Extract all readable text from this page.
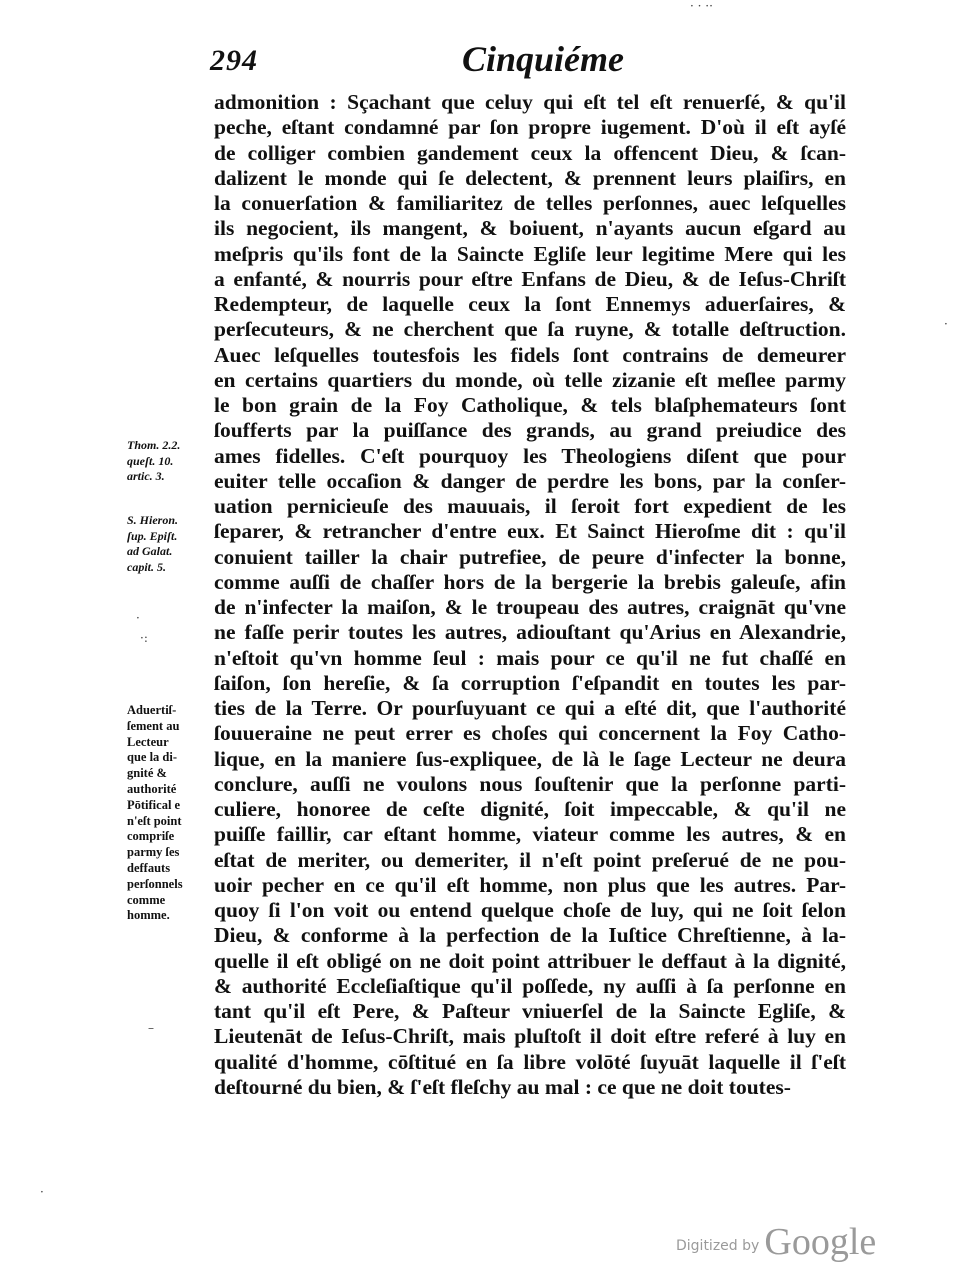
294	Cinquiéme
admonition : Sçachant que celuy qui eſt tel eſt renuerſé, & qu'il
peche, eſtant condamné par ſon propre iugement. D'où il eſt ayſé
de colliger combien gandement ceux la offencent Dieu, & ſcan-
dalizent le monde qui ſe delectent, & prennent leurs plaiſirs, en
la conuerſation & familiaritez de telles perſonnes, auec leſquelles
ils negocient, ils mangent, & boiuent, n'ayants aucun eſgard au
meſpris qu'ils font de la Saincte Egliſe leur legitime Mere qui les
a enfanté, & nourris pour eſtre Enfans de Dieu, & de Ieſus-Chriſt
Redempteur, de laquelle ceux la ſont Ennemys aduerſaires, &
perſecuteurs, & ne cherchent que ſa ruyne, & totalle deſtruction.
Auec leſquelles toutesfois les fidels ſont contrains de demeurer
en certains quartiers du monde, où telle zizanie eſt meſlee parmy
le bon grain de la Foy Catholique, & tels blaſphemateurs ſont
ſoufferts par la puiſſance des grands, au grand preiudice des
ames fidelles. C'eſt pourquoy les Theologiens diſent que pour
euiter telle occaſion & danger de perdre les bons, par la conſer-
uation pernicieuſe des mauuais, il ſeroit fort expedient de les
ſeparer, & retrancher d'entre eux. Et Sainct Hieroſme dit : qu'il
conuient tailler la chair putrefiee, de peure d'infecter la bonne,
comme auſſi de chaſſer hors de la bergerie la brebis galeuſe, afin
de n'infecter la maiſon, & le troupeau des autres, craignāt qu'vne
ne faſſe perir toutes les autres, adiouſtant qu'Arius en Alexandrie,
n'eſtoit qu'vn homme ſeul : mais pour ce qu'il ne fut chaſſé en
ſaiſon, ſon hereſie, & ſa corruption ſ'eſpandit en toutes les par-
ties de la Terre. Or pourſuyuant ce qui a eſté dit, que l'authorité
ſouueraine ne peut errer es choſes qui concernent la Foy Catho-
lique, en la maniere ſus-expliquee, de là le ſage Lecteur ne deura
conclure, auſſi ne voulons nous ſouſtenir que la perſonne parti-
culiere, honoree de ceſte dignité, ſoit impeccable, & qu'il ne
puiſſe faillir, car eſtant homme, viateur comme les autres, & en
eſtat de meriter, ou demeriter, il n'eſt point preſerué de ne pou-
uoir pecher en ce qu'il eſt homme, non plus que les autres. Par-
quoy ſi l'on voit ou entend quelque choſe de luy, qui ne ſoit ſelon
Dieu, & conforme à la perfection de la Iuſtice Chreſtienne, à la-
quelle il eſt obligé on ne doit point attribuer le deffaut à la dignité,
& authorité Eccleſiaſtique qu'il poſſede, ny auſſi à ſa perſonne en
tant qu'il eſt Pere, & Paſteur vniuerſel de la Saincte Egliſe, &
Lieutenāt de Ieſus-Chriſt, mais pluſtoſt il doit eſtre referé à luy en
qualité d'homme, cōſtitué en ſa libre volōté ſuyuāt laquelle il ſ'eſt
deſtourné du bien, & ſ'eſt fleſchy au mal : ce que ne doit toutes-
Thom. 2.2.
queſt. 10.
artic. 3.
S. Hieron.
ſup. Epiſt.
ad Galat.
capit. 5.
Aduertiſ-
ſement au
Lecteur
que la di-
gnité &
authorité
Pōtifical e
n'eſt point
compriſe
parmy ſes
deffauts
perſonnels
comme
homme.
·
·:
–
·
·
· · ··
Digitized by Google
